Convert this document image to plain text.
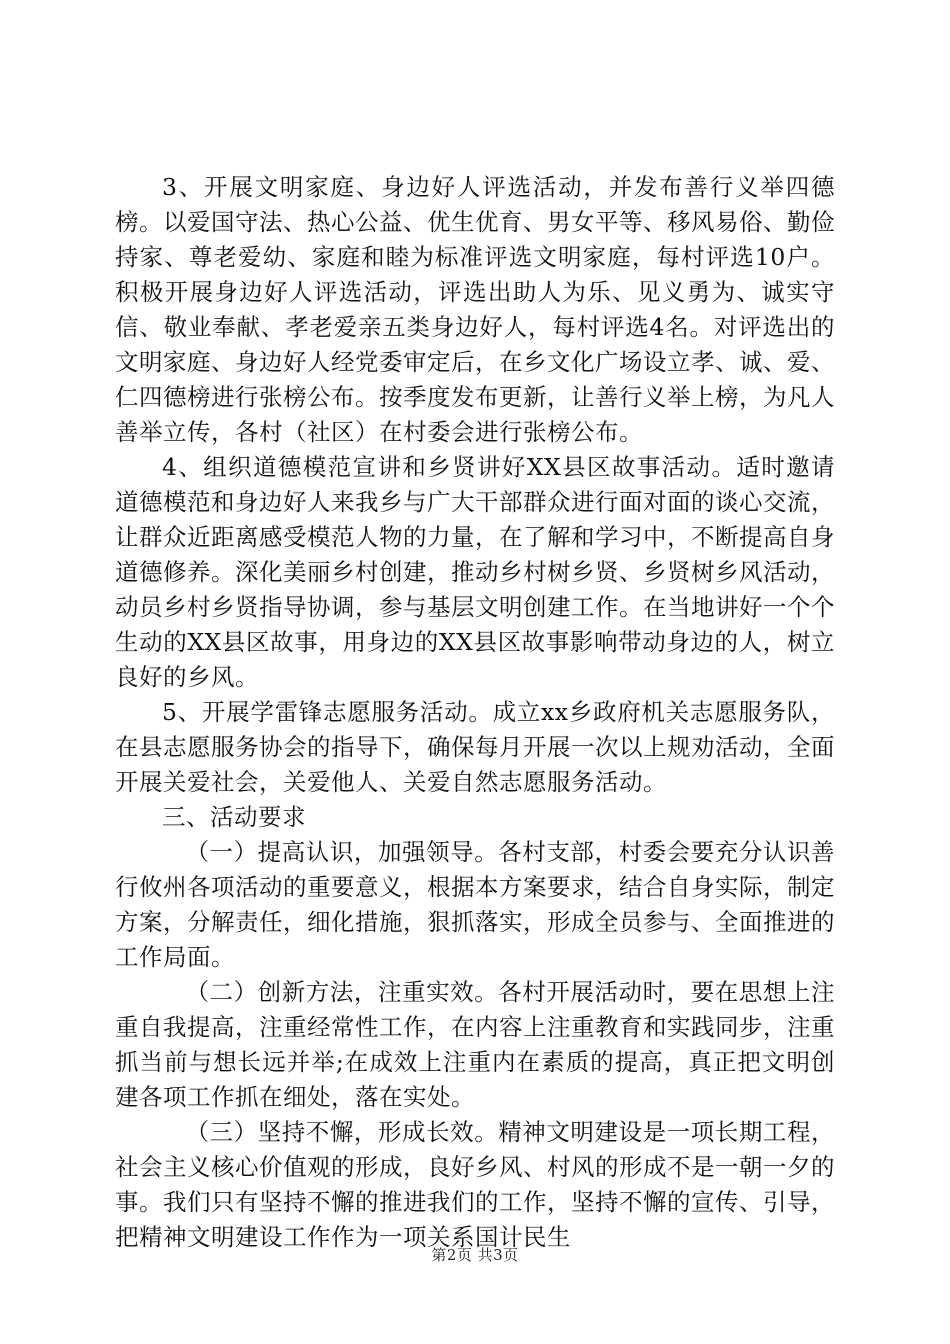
3、开展文明家庭、身边好人评选活动，并发布善行义举四德榜。以爱国守法、热心公益、优生优育、男女平等、移风易俗、勤俭持家、尊老爱幼、家庭和睦为标准评选文明家庭，每村评选10户。积极开展身边好人评选活动，评选出助人为乐、见义勇为、诚实守信、敬业奉献、孝老爱亲五类身边好人，每村评选4名。对评选出的文明家庭、身边好人经党委审定后，在乡文化广场设立孝、诚、爱、仁四德榜进行张榜公布。按季度发布更新，让善行义举上榜，为凡人善举立传，各村（社区）在村委会进行张榜公布。

4、组织道德模范宣讲和乡贤讲好XX县区故事活动。适时邀请道德模范和身边好人来我乡与广大干部群众进行面对面的谈心交流，让群众近距离感受模范人物的力量，在了解和学习中，不断提高自身道德修养。深化美丽乡村创建，推动乡村树乡贤、乡贤树乡风活动，动员乡村乡贤指导协调，参与基层文明创建工作。在当地讲好一个个生动的XX县区故事，用身边的XX县区故事影响带动身边的人，树立良好的乡风。

5、开展学雷锋志愿服务活动。成立xx乡政府机关志愿服务队，在县志愿服务协会的指导下，确保每月开展一次以上规劝活动，全面开展关爱社会，关爱他人、关爱自然志愿服务活动。

三、活动要求

（一）提高认识，加强领导。各村支部，村委会要充分认识善行攸州各项活动的重要意义，根据本方案要求，结合自身实际，制定方案，分解责任，细化措施，狠抓落实，形成全员参与、全面推进的工作局面。

（二）创新方法，注重实效。各村开展活动时，要在思想上注重自我提高，注重经常性工作，在内容上注重教育和实践同步，注重抓当前与想长远并举;在成效上注重内在素质的提高，真正把文明创建各项工作抓在细处，落在实处。

（三）坚持不懈，形成长效。精神文明建设是一项长期工程，社会主义核心价值观的形成，良好乡风、村风的形成不是一朝一夕的事。我们只有坚持不懈的推进我们的工作，坚持不懈的宣传、引导，把精神文明建设工作作为一项关系国计民生

第2页 共3页
